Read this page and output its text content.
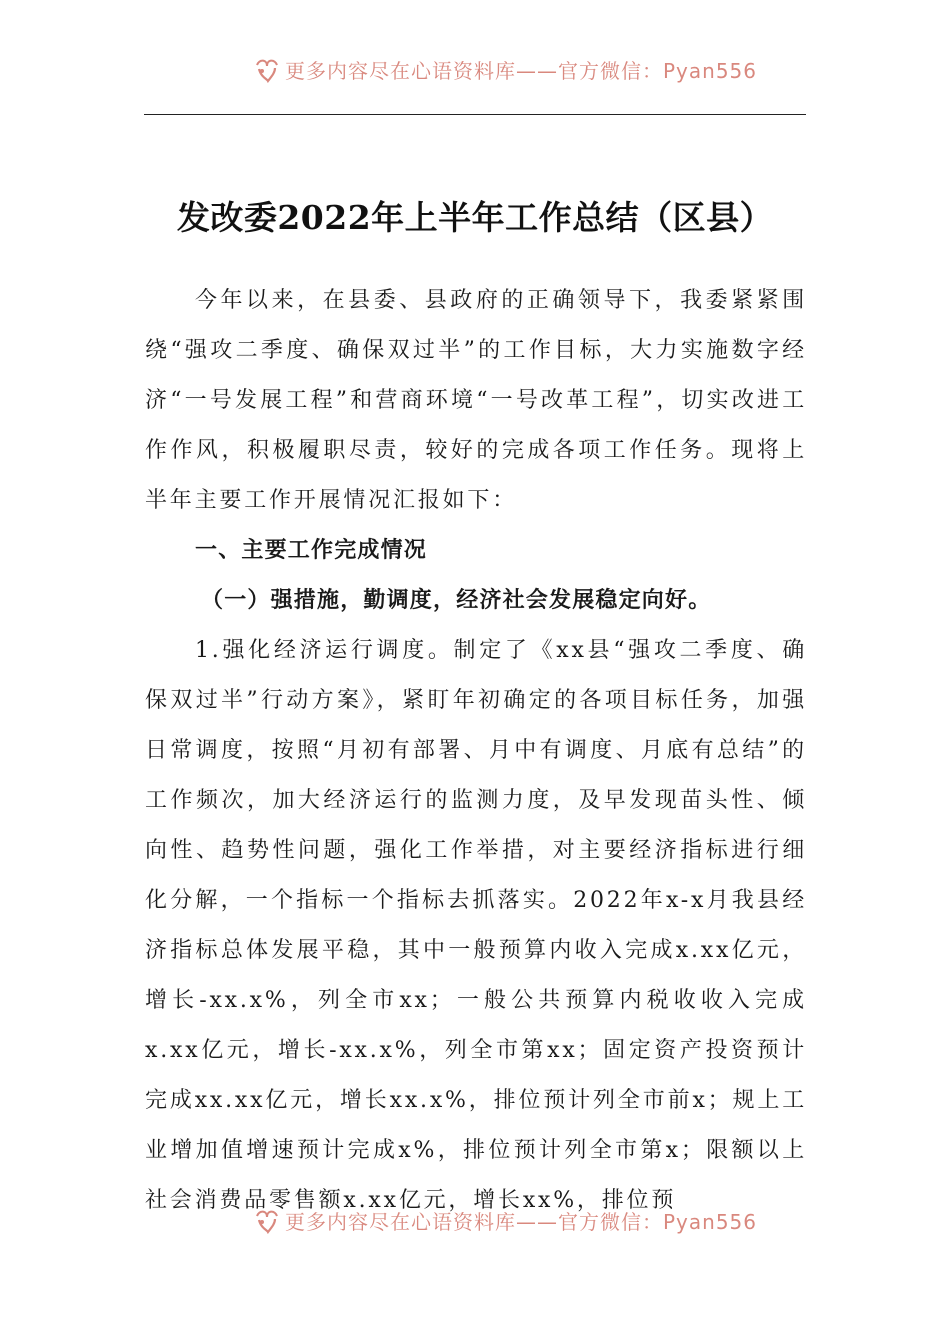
更多内容尽在心语资料库——官方微信：Pyan556
发改委2022年上半年工作总结（区县）

今年以来，在县委、县政府的正确领导下，我委紧紧围绕“强攻二季度、确保双过半”的工作目标，大力实施数字经济“一号发展工程”和营商环境“一号改革工程”，切实改进工作作风，积极履职尽责，较好的完成各项工作任务。现将上半年主要工作开展情况汇报如下：

一、主要工作完成情况

（一）强措施，勤调度，经济社会发展稳定向好。

1.强化经济运行调度。制定了《xx县“强攻二季度、确保双过半”行动方案》，紧盯年初确定的各项目标任务，加强日常调度，按照“月初有部署、月中有调度、月底有总结”的工作频次，加大经济运行的监测力度，及早发现苗头性、倾向性、趋势性问题，强化工作举措，对主要经济指标进行细化分解，一个指标一个指标去抓落实。2022年x-x月我县经济指标总体发展平稳，其中一般预算内收入完成x.xx亿元，增长-xx.x%，列全市xx；一般公共预算内税收收入完成x.xx亿元，增长-xx.x%，列全市第xx；固定资产投资预计完成xx.xx亿元，增长xx.x%，排位预计列全市前x；规上工业增加值增速预计完成x%，排位预计列全市第x；限额以上社会消费品零售额x.xx亿元，增长xx%，排位预

更多内容尽在心语资料库——官方微信：Pyan556
